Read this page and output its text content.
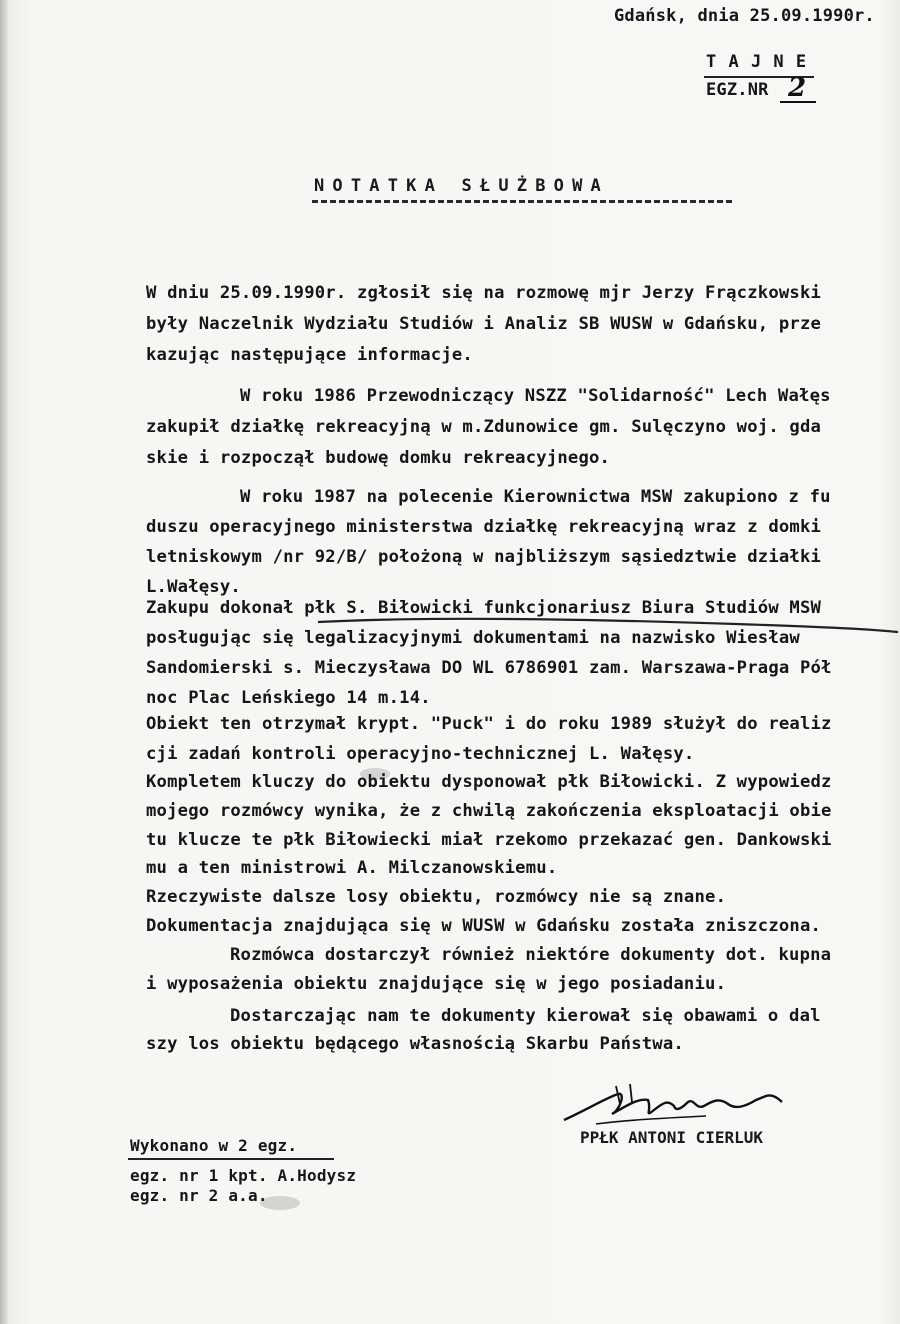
Gdańsk, dnia 25.09.1990r.
T A J N E
EGZ.NR 2
NOTATKA SŁUŻBOWA
W dniu 25.09.1990r. zgłosił się na rozmowę mjr Jerzy Frączkowski
były Naczelnik Wydziału Studiów i Analiz SB WUSW w Gdańsku, prze
kazując następujące informacje.
W roku 1986 Przewodniczący NSZZ "Solidarność" Lech Wałęs
zakupił działkę rekreacyjną w m.Zdunowice gm. Sulęczyno woj. gda
skie i rozpoczął budowę domku rekreacyjnego.
W roku 1987 na polecenie Kierownictwa MSW zakupiono z fu
duszu operacyjnego ministerstwa działkę rekreacyjną wraz z domki
letniskowym /nr 92/B/ położoną w najbliższym sąsiedztwie działki
L.Wałęsy.
Zakupu dokonał płk S. Biłowicki funkcjonariusz Biura Studiów MSW
posługując się legalizacyjnymi dokumentami na nazwisko Wiesław
Sandomierski s. Mieczysława DO WL 6786901 zam. Warszawa-Praga Pół
noc Plac Leńskiego 14 m.14.
Obiekt ten otrzymał krypt. "Puck" i do roku 1989 służył do realiz
cji zadań kontroli operacyjno-technicznej L. Wałęsy.
Kompletem kluczy do obiektu dysponował płk Biłowicki. Z wypowiedz
mojego rozmówcy wynika, że z chwilą zakończenia eksploatacji obie
tu klucze te płk Biłowiecki miał rzekomo przekazać gen. Dankowski
mu a ten ministrowi A. Milczanowskiemu.
Rzeczywiste dalsze losy obiektu, rozmówcy nie są znane.
Dokumentacja znajdująca się w WUSW w Gdańsku została zniszczona.
Rozmówca dostarczył również niektóre dokumenty dot. kupna
i wyposażenia obiektu znajdujące się w jego posiadaniu.
Dostarczając nam te dokumenty kierował się obawami o dal
szy los obiektu będącego własnością Skarbu Państwa.
PPŁK ANTONI CIERLUK
Wykonano w 2 egz.
egz. nr 1 kpt. A.Hodysz
egz. nr 2 a.a.
